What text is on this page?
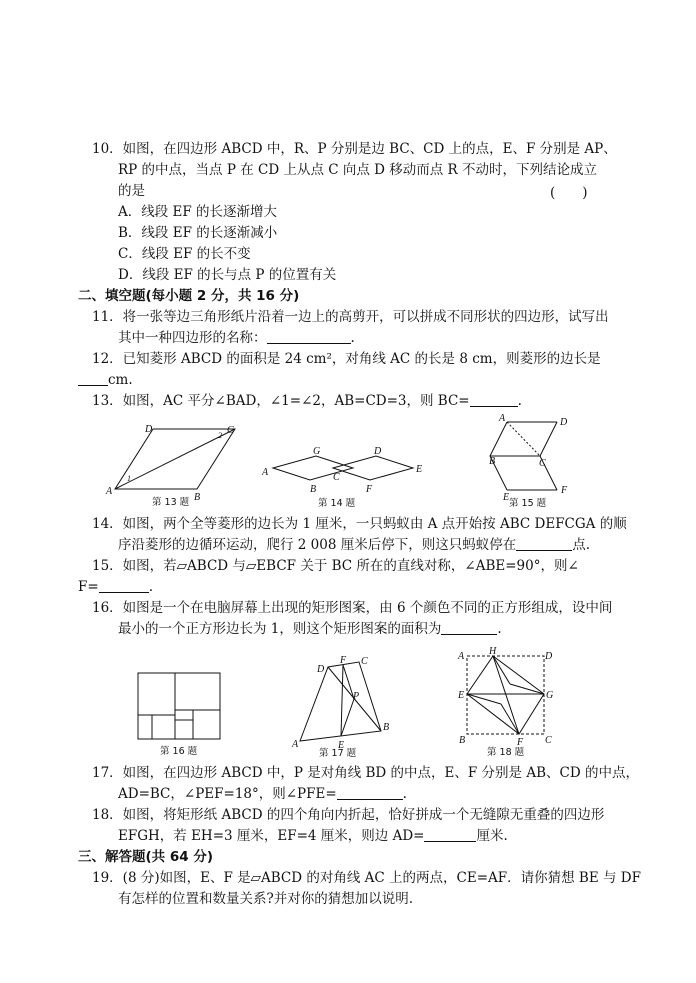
10．如图，在四边形 ABCD 中，R、P 分别是边 BC、CD 上的点，E、F 分别是 AP、
RP 的中点，当点 P 在 CD 上从点 C 向点 D 移动而点 R 不动时，下列结论成立
的是	(　　)
A．线段 EF 的长逐渐增大
B．线段 EF 的长逐渐减小
C．线段 EF 的长不变
D．线段 EF 的长与点 P 的位置有关
二、填空题(每小题 2 分，共 16 分)
11．将一张等边三角形纸片沿着一边上的高剪开，可以拼成不同形状的四边形，试写出
其中一种四边形的名称：	.
12．已知菱形 ABCD 的面积是 24 cm²，对角线 AC 的长是 8 cm，则菱形的边长是
cm.
13．如图，AC 平分∠BAD，∠1=∠2，AB=CD=3，则 BC=	.
A
B
C
D
1
2
第 13 题
A
B
C
D
E
F
G
第 14 题
A
B	C
D
E
F
第 15 题
14．如图，两个全等菱形的边长为 1 厘米，一只蚂蚁由 A 点开始按 ABC DEFCGA 的顺
序沿菱形的边循环运动，爬行 2 008 厘米后停下，则这只蚂蚁停在	点.
15．如图，若▱ABCD 与▱EBCF 关于 BC 所在的直线对称，∠ABE=90°，则∠
F=	.
16．如图是一个在电脑屏幕上出现的矩形图案，由 6 个颜色不同的正方形组成，设中间
最小的一个正方形边长为 1，则这个矩形图案的面积为	.
第 16 题
A
B
C
D
E
F
P
第 17 题
A
B	C
D
E
F
G
H
第 18 题
17．如图，在四边形 ABCD 中，P 是对角线 BD 的中点，E、F 分别是 AB、CD 的中点，
AD=BC，∠PEF=18°，则∠PFE=	.
18．如图，将矩形纸 ABCD 的四个角向内折起，恰好拼成一个无缝隙无重叠的四边形
EFGH，若 EH=3 厘米，EF=4 厘米，则边 AD=	厘米.
三、解答题(共 64 分)
19．(8 分)如图，E、F 是▱ABCD 的对角线 AC 上的两点，CE=AF．请你猜想 BE 与 DF
有怎样的位置和数量关系?并对你的猜想加以说明.
